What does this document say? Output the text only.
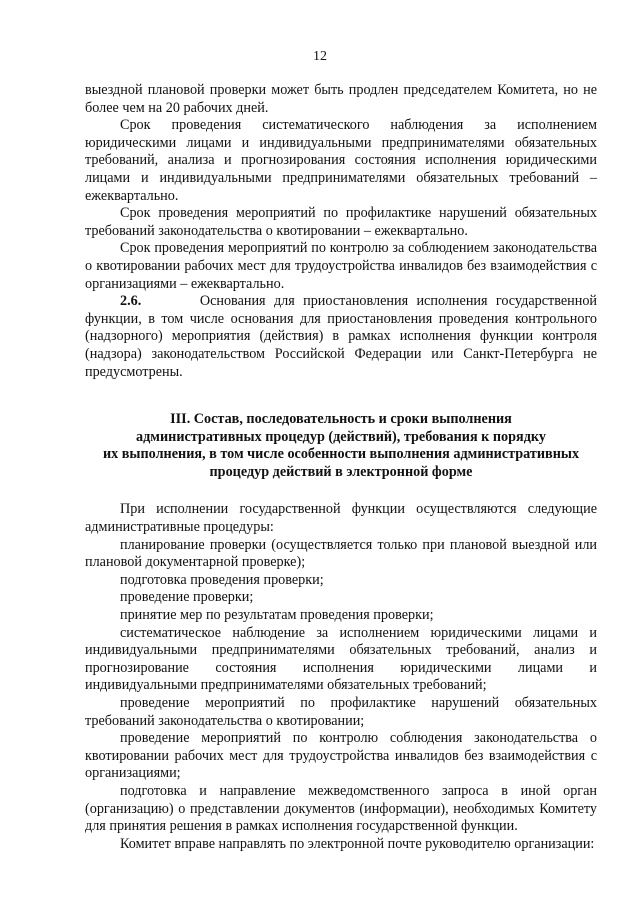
12

выездной плановой проверки может быть продлен председателем Комитета, но не более чем на 20 рабочих дней.

Срок проведения систематического наблюдения за исполнением юридическими лицами и индивидуальными предпринимателями обязательных требований, анализа и прогнозирования состояния исполнения юридическими лицами и индивидуальными предпринимателями обязательных требований – ежеквартально.

Срок проведения мероприятий по профилактике нарушений обязательных требований законодательства о квотировании – ежеквартально.

Срок проведения мероприятий по контролю за соблюдением законодательства о квотировании рабочих мест для трудоустройства инвалидов без взаимодействия с организациями – ежеквартально.

2.6.	Основания для приостановления исполнения государственной функции, в том числе основания для приостановления проведения контрольного (надзорного) мероприятия (действия) в рамках исполнения функции контроля (надзора) законодательством Российской Федерации или Санкт-Петербурга не предусмотрены.

III. Состав, последовательность и сроки выполнения
административных процедур (действий), требования к порядку
их выполнения, в том числе особенности выполнения административных
процедур действий в электронной форме

При исполнении государственной функции осуществляются следующие административные процедуры:

планирование проверки (осуществляется только при плановой выездной или плановой документарной проверке);

подготовка проведения проверки;

проведение проверки;

принятие мер по результатам проведения проверки;

систематическое наблюдение за исполнением юридическими лицами и индивидуальными предпринимателями обязательных требований, анализ и прогнозирование состояния исполнения юридическими лицами и индивидуальными предпринимателями обязательных требований;

проведение мероприятий по профилактике нарушений обязательных требований законодательства о квотировании;

проведение мероприятий по контролю соблюдения законодательства о квотировании рабочих мест для трудоустройства инвалидов без взаимодействия с организациями;

подготовка и направление межведомственного запроса в иной орган (организацию) о представлении документов (информации), необходимых Комитету для принятия решения в рамках исполнения государственной функции.

Комитет вправе направлять по электронной почте руководителю организации:
